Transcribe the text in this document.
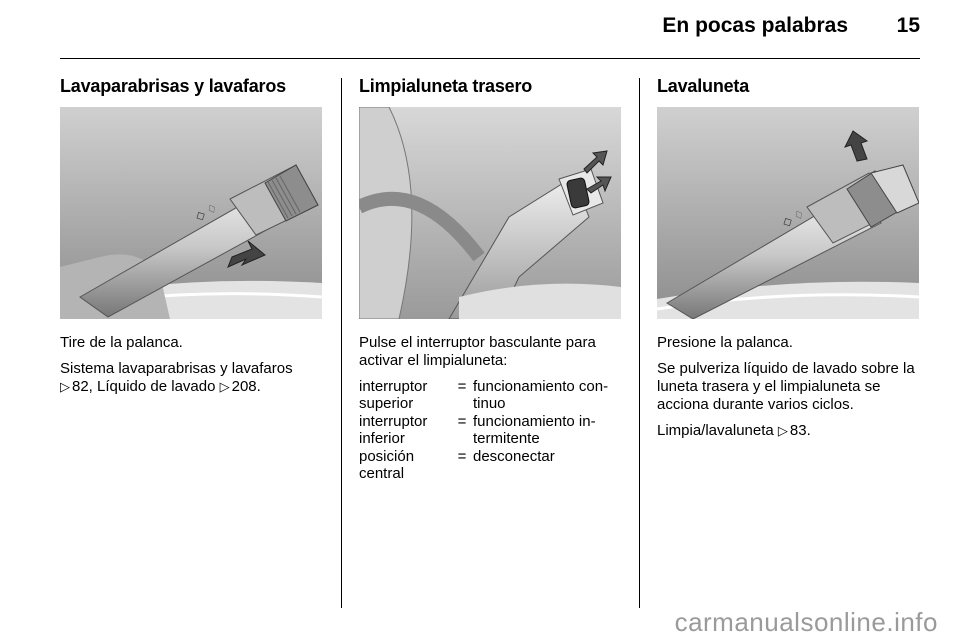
En pocas palabras 15
Lavaparabrisas y lavafaros
◇ ♢

Tire de la palanca.

Sistema lavaparabrisas y lavafaros

▷ 82, Líquido de lavado ▷ 208.

Limpialuneta trasero

Pulse el interruptor basculante para activar el limpialuneta:

interruptor superior	=	funcionamiento con-tinuo
interruptor inferior	=	funcionamiento in-termitente
posición central	=	desconectar
Lavaluneta
◇ ♢

Presione la palanca.

Se pulveriza líquido de lavado sobre la luneta trasera y el limpialuneta se acciona durante varios ciclos.

Limpia/lavaluneta ▷ 83.

carmanualsonline.info
